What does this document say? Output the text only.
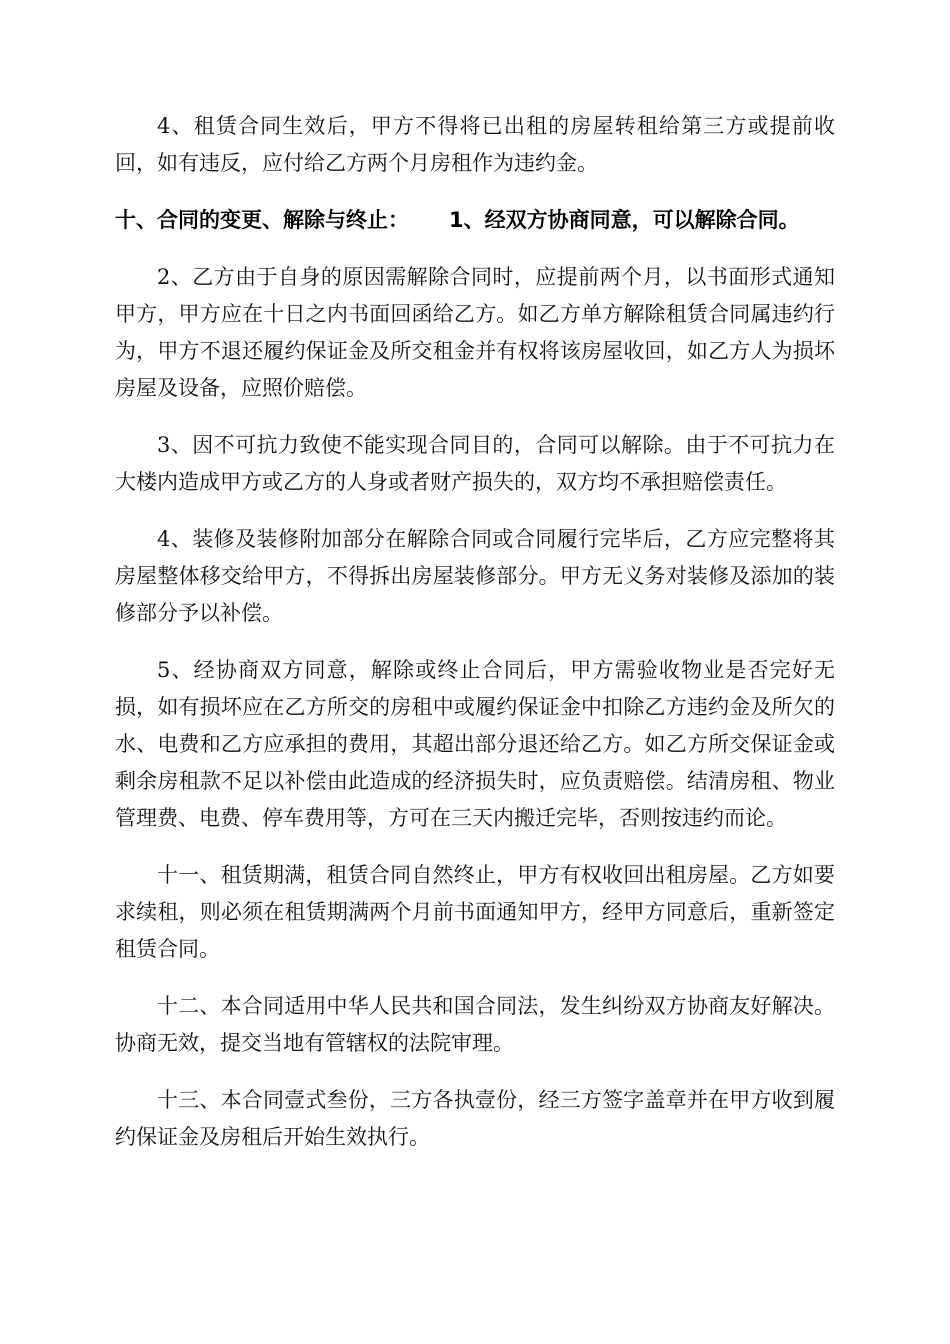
4、租赁合同生效后，甲方不得将已出租的房屋转租给第三方或提前收回，如有违反，应付给乙方两个月房租作为违约金。

十、合同的变更、解除与终止： 1、经双方协商同意，可以解除合同。

2、乙方由于自身的原因需解除合同时，应提前两个月，以书面形式通知甲方，甲方应在十日之内书面回函给乙方。如乙方单方解除租赁合同属违约行为，甲方不退还履约保证金及所交租金并有权将该房屋收回，如乙方人为损坏房屋及设备，应照价赔偿。

3、因不可抗力致使不能实现合同目的，合同可以解除。由于不可抗力在大楼内造成甲方或乙方的人身或者财产损失的，双方均不承担赔偿责任。

4、装修及装修附加部分在解除合同或合同履行完毕后，乙方应完整将其房屋整体移交给甲方，不得拆出房屋装修部分。甲方无义务对装修及添加的装修部分予以补偿。

5、经协商双方同意，解除或终止合同后，甲方需验收物业是否完好无损，如有损坏应在乙方所交的房租中或履约保证金中扣除乙方违约金及所欠的水、电费和乙方应承担的费用，其超出部分退还给乙方。如乙方所交保证金或剩余房租款不足以补偿由此造成的经济损失时，应负责赔偿。结清房租、物业管理费、电费、停车费用等，方可在三天内搬迁完毕，否则按违约而论。

十一、租赁期满，租赁合同自然终止，甲方有权收回出租房屋。乙方如要求续租，则必须在租赁期满两个月前书面通知甲方，经甲方同意后，重新签定租赁合同。

十二、本合同适用中华人民共和国合同法，发生纠纷双方协商友好解决。协商无效，提交当地有管辖权的法院审理。

十三、本合同壹式叁份，三方各执壹份，经三方签字盖章并在甲方收到履约保证金及房租后开始生效执行。
